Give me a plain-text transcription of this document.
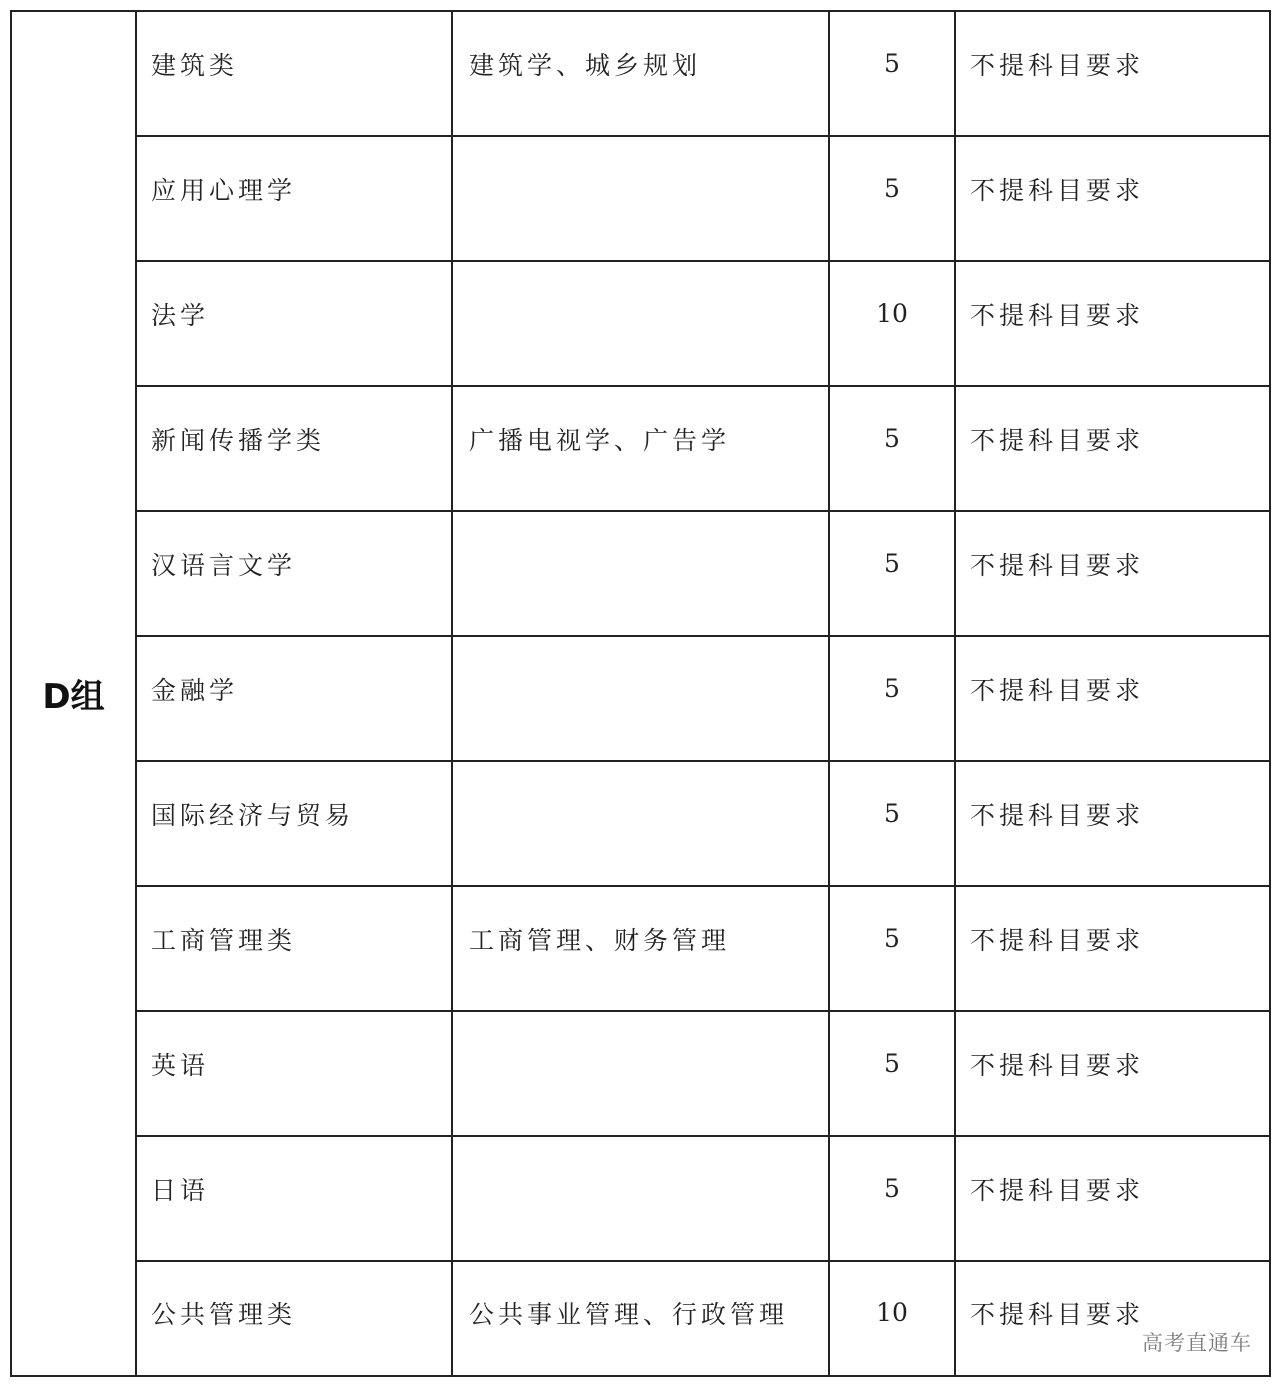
D组	建筑类	建筑学、城乡规划	5	不提科目要求
	应用心理学		5	不提科目要求
	法学		10	不提科目要求
	新闻传播学类	广播电视学、广告学	5	不提科目要求
	汉语言文学		5	不提科目要求
	金融学		5	不提科目要求
	国际经济与贸易		5	不提科目要求
	工商管理类	工商管理、财务管理	5	不提科目要求
	英语		5	不提科目要求
	日语		5	不提科目要求
	公共管理类	公共事业管理、行政管理	10	不提科目要求
高考直通车
